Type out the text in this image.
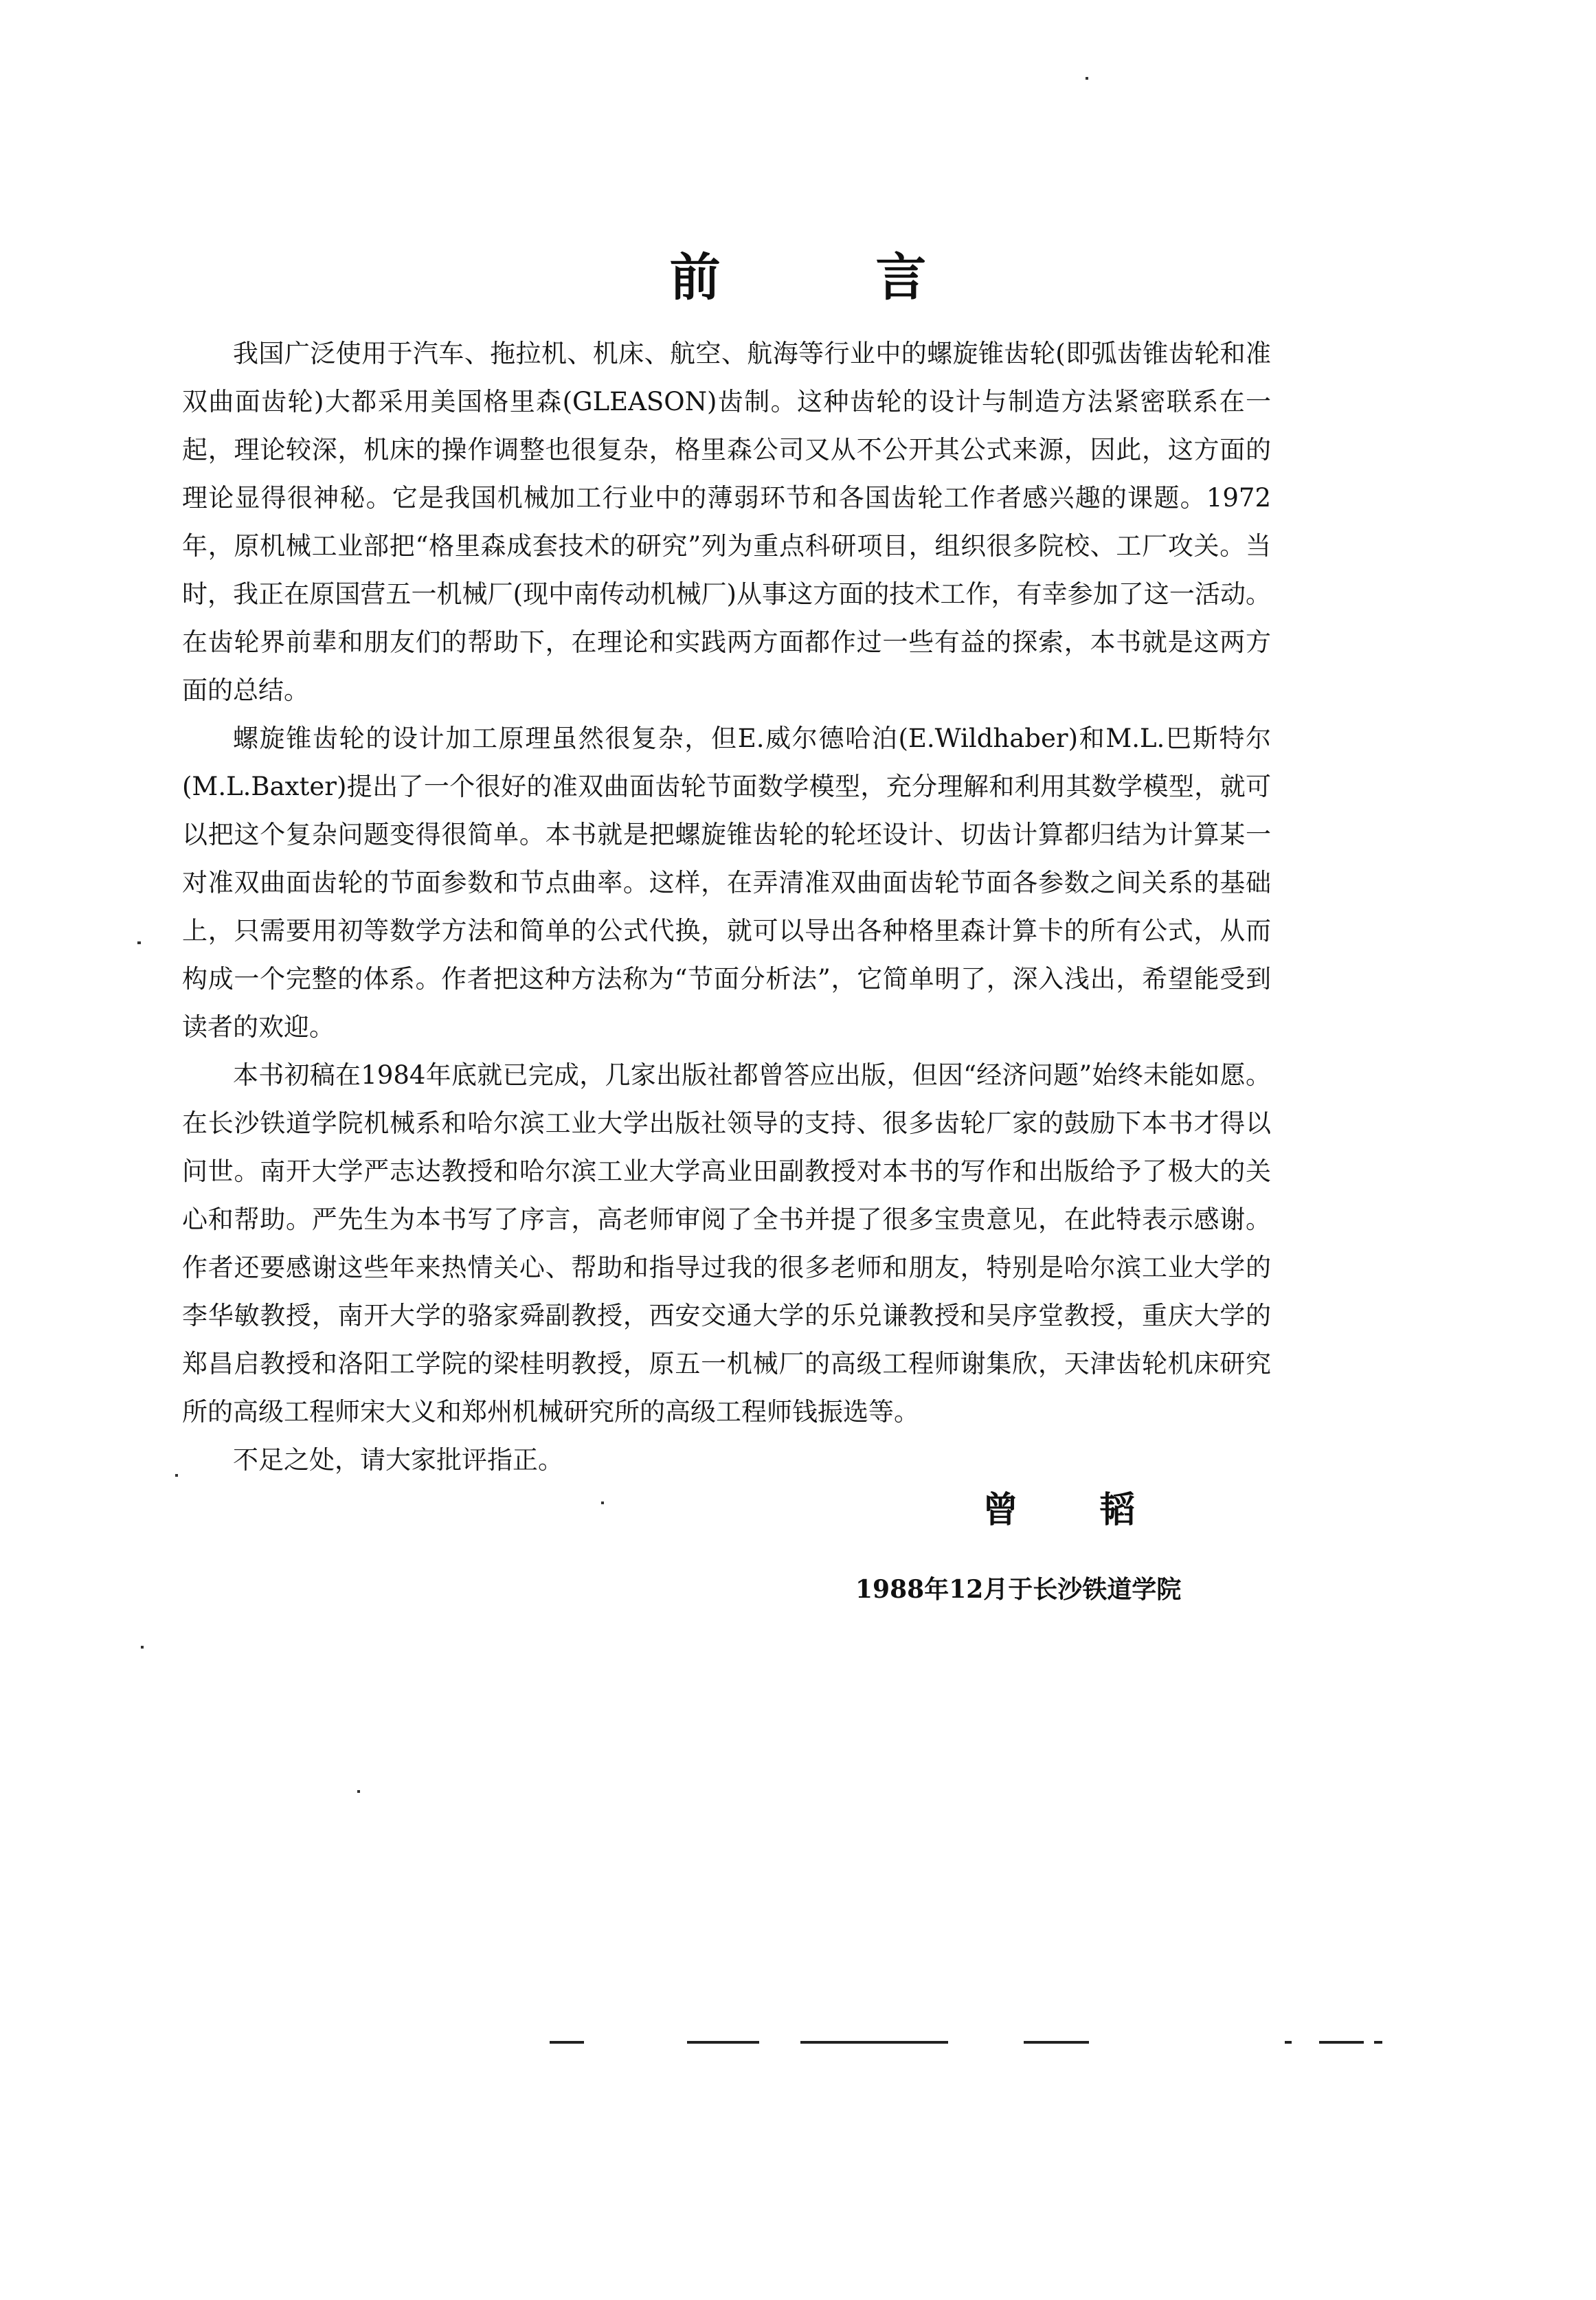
前 言

我国广泛使用于汽车、拖拉机、机床、航空、航海等行业中的螺旋锥齿轮(即弧齿锥齿轮和准双曲面齿轮)大都采用美国格里森(GLEASON)齿制。这种齿轮的设计与制造方法紧密联系在一起，理论较深，机床的操作调整也很复杂，格里森公司又从不公开其公式来源，因此，这方面的理论显得很神秘。它是我国机械加工行业中的薄弱环节和各国齿轮工作者感兴趣的课题。1972年，原机械工业部把“格里森成套技术的研究”列为重点科研项目，组织很多院校、工厂攻关。当时，我正在原国营五一机械厂(现中南传动机械厂)从事这方面的技术工作，有幸参加了这一活动。在齿轮界前辈和朋友们的帮助下，在理论和实践两方面都作过一些有益的探索，本书就是这两方面的总结。

螺旋锥齿轮的设计加工原理虽然很复杂，但E.威尔德哈泊(E.Wildhaber)和M.L.巴斯特尔(M.L.Baxter)提出了一个很好的准双曲面齿轮节面数学模型，充分理解和利用其数学模型，就可以把这个复杂问题变得很简单。本书就是把螺旋锥齿轮的轮坯设计、切齿计算都归结为计算某一对准双曲面齿轮的节面参数和节点曲率。这样，在弄清准双曲面齿轮节面各参数之间关系的基础上，只需要用初等数学方法和简单的公式代换，就可以导出各种格里森计算卡的所有公式，从而构成一个完整的体系。作者把这种方法称为“节面分析法”，它简单明了，深入浅出，希望能受到读者的欢迎。

本书初稿在1984年底就已完成，几家出版社都曾答应出版，但因“经济问题”始终未能如愿。在长沙铁道学院机械系和哈尔滨工业大学出版社领导的支持、很多齿轮厂家的鼓励下本书才得以问世。南开大学严志达教授和哈尔滨工业大学高业田副教授对本书的写作和出版给予了极大的关心和帮助。严先生为本书写了序言，高老师审阅了全书并提了很多宝贵意见，在此特表示感谢。作者还要感谢这些年来热情关心、帮助和指导过我的很多老师和朋友，特别是哈尔滨工业大学的李华敏教授，南开大学的骆家舜副教授，西安交通大学的乐兑谦教授和吴序堂教授，重庆大学的郑昌启教授和洛阳工学院的梁桂明教授，原五一机械厂的高级工程师谢集欣，天津齿轮机床研究所的高级工程师宋大义和郑州机械研究所的高级工程师钱振选等。

不足之处，请大家批评指正。

曾 韬
1988年12月于长沙铁道学院
